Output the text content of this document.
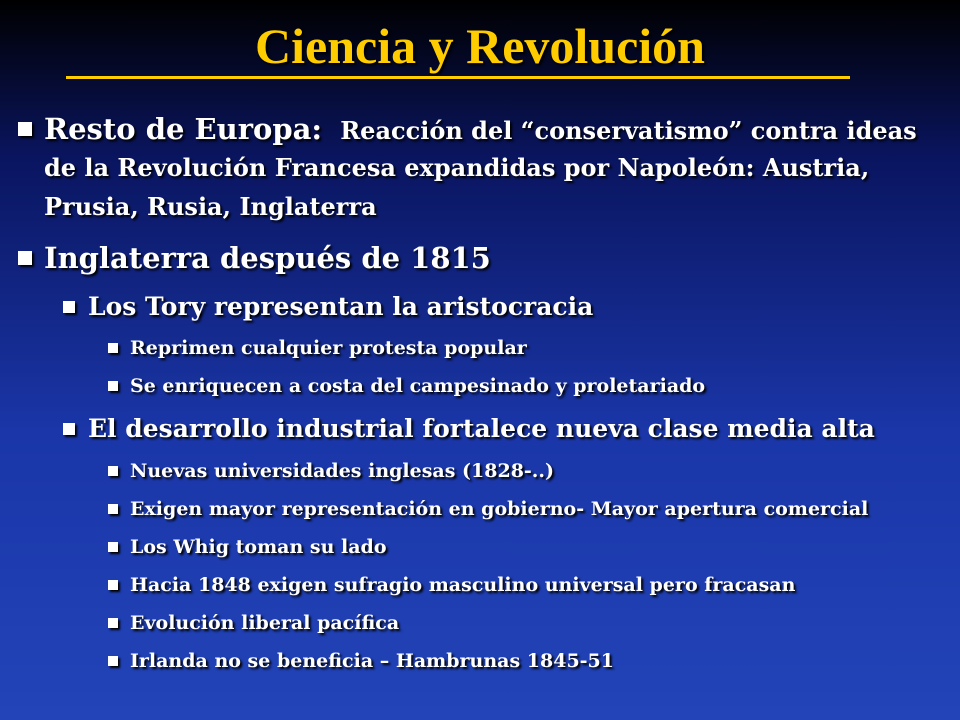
Ciencia y Revolución
Resto de Europa: Reacción del “conservatismo” contra ideas
de la Revolución Francesa expandidas por Napoleón: Austria,
Prusia, Rusia, Inglaterra
Inglaterra después de 1815
Los Tory representan la aristocracia
Reprimen cualquier protesta popular
Se enriquecen a costa del campesinado y proletariado
El desarrollo industrial fortalece nueva clase media alta
Nuevas universidades inglesas (1828-..)
Exigen mayor representación en gobierno- Mayor apertura comercial
Los Whig toman su lado
Hacia 1848 exigen sufragio masculino universal pero fracasan
Evolución liberal pacífica
Irlanda no se beneficia – Hambrunas 1845-51
